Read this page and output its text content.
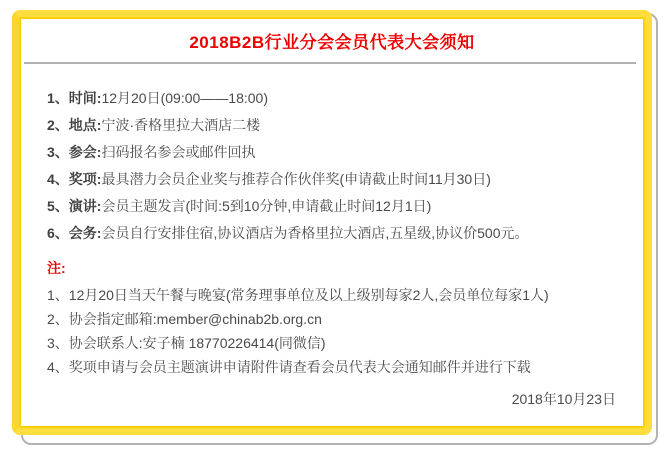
2018B2B行业分会会员代表大会须知
1、时间:12月20日(09:00——18:00)
2、地点:宁波·香格里拉大酒店二楼
3、参会:扫码报名参会或邮件回执
4、奖项:最具潜力会员企业奖与推荐合作伙伴奖(申请截止时间11月30日)
5、演讲:会员主题发言(时间:5到10分钟,申请截止时间12月1日)
6、会务:会员自行安排住宿,协议酒店为香格里拉大酒店,五星级,协议价500元。
注:
1、12月20日当天午餐与晚宴(常务理事单位及以上级别每家2人,会员单位每家1人)
2、协会指定邮箱:member@chinab2b.org.cn
3、协会联系人:安子楠 18770226414(同微信)
4、奖项申请与会员主题演讲申请附件请查看会员代表大会通知邮件并进行下载
2018年10月23日
